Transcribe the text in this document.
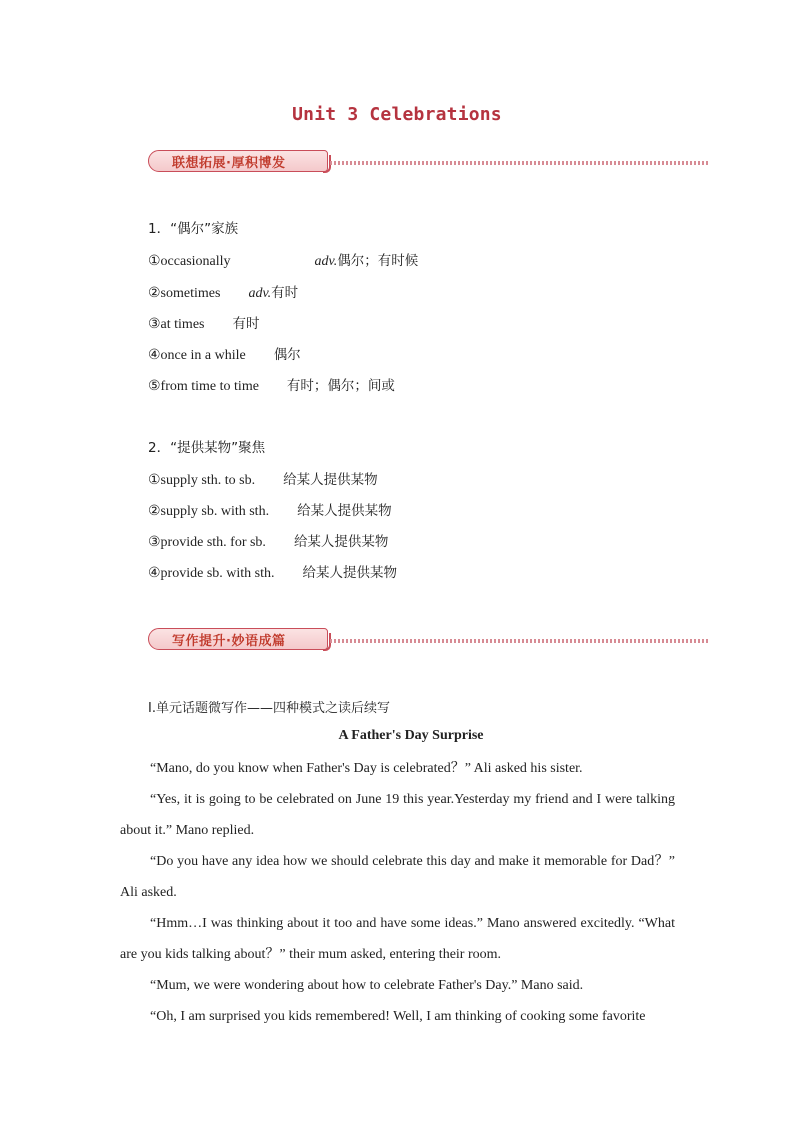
Unit 3 Celebrations
联想拓展·厚积博发
1．“偶尔”家族
①occasionally	adv.偶尔；有时候
②sometimes adv.有时
③at times 有时
④once in a while 偶尔
⑤from time to time 有时；偶尔；间或
2．“提供某物”聚焦
①supply sth. to sb. 给某人提供某物
②supply sb. with sth. 给某人提供某物
③provide sth. for sb. 给某人提供某物
④provide sb. with sth. 给某人提供某物
写作提升·妙语成篇
Ⅰ.单元话题微写作——四种模式之读后续写
A Father's Day Surprise
“Mano, do you know when Father's Day is celebrated？” Ali asked his sister.
“Yes, it is going to be celebrated on June 19 this year.Yesterday my friend and I were talking about it.” Mano replied.
“Do you have any idea how we should celebrate this day and make it memorable for Dad？” Ali asked.
“Hmm…I was thinking about it too and have some ideas.” Mano answered excitedly. “What are you kids talking about？” their mum asked, entering their room.
“Mum, we were wondering about how to celebrate Father's Day.” Mano said.
“Oh, I am surprised you kids remembered! Well, I am thinking of cooking some favorite
